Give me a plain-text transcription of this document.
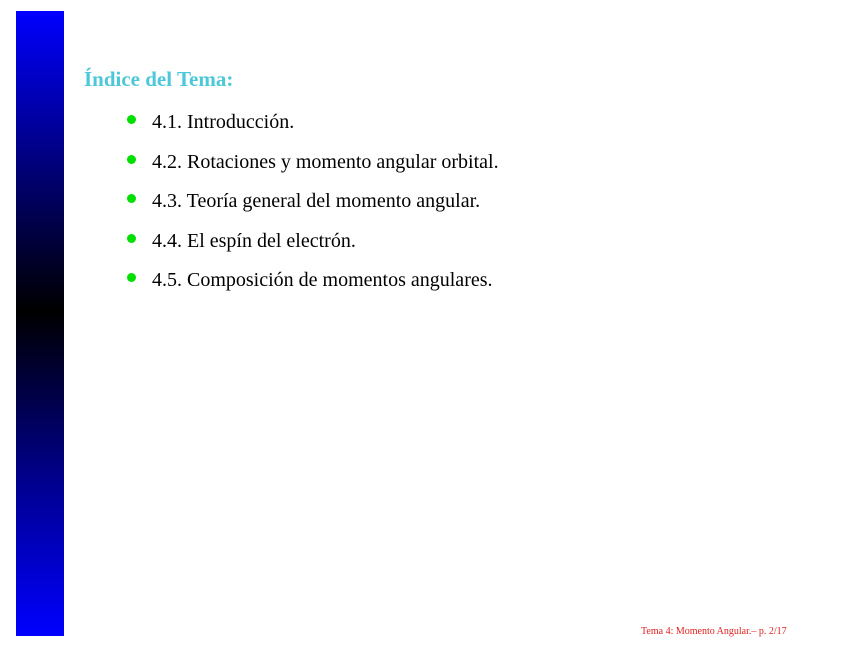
Índice del Tema:
4.1. Introducción.
4.2. Rotaciones y momento angular orbital.
4.3. Teoría general del momento angular.
4.4. El espín del electrón.
4.5. Composición de momentos angulares.
Tema 4: Momento Angular.– p. 2/17
